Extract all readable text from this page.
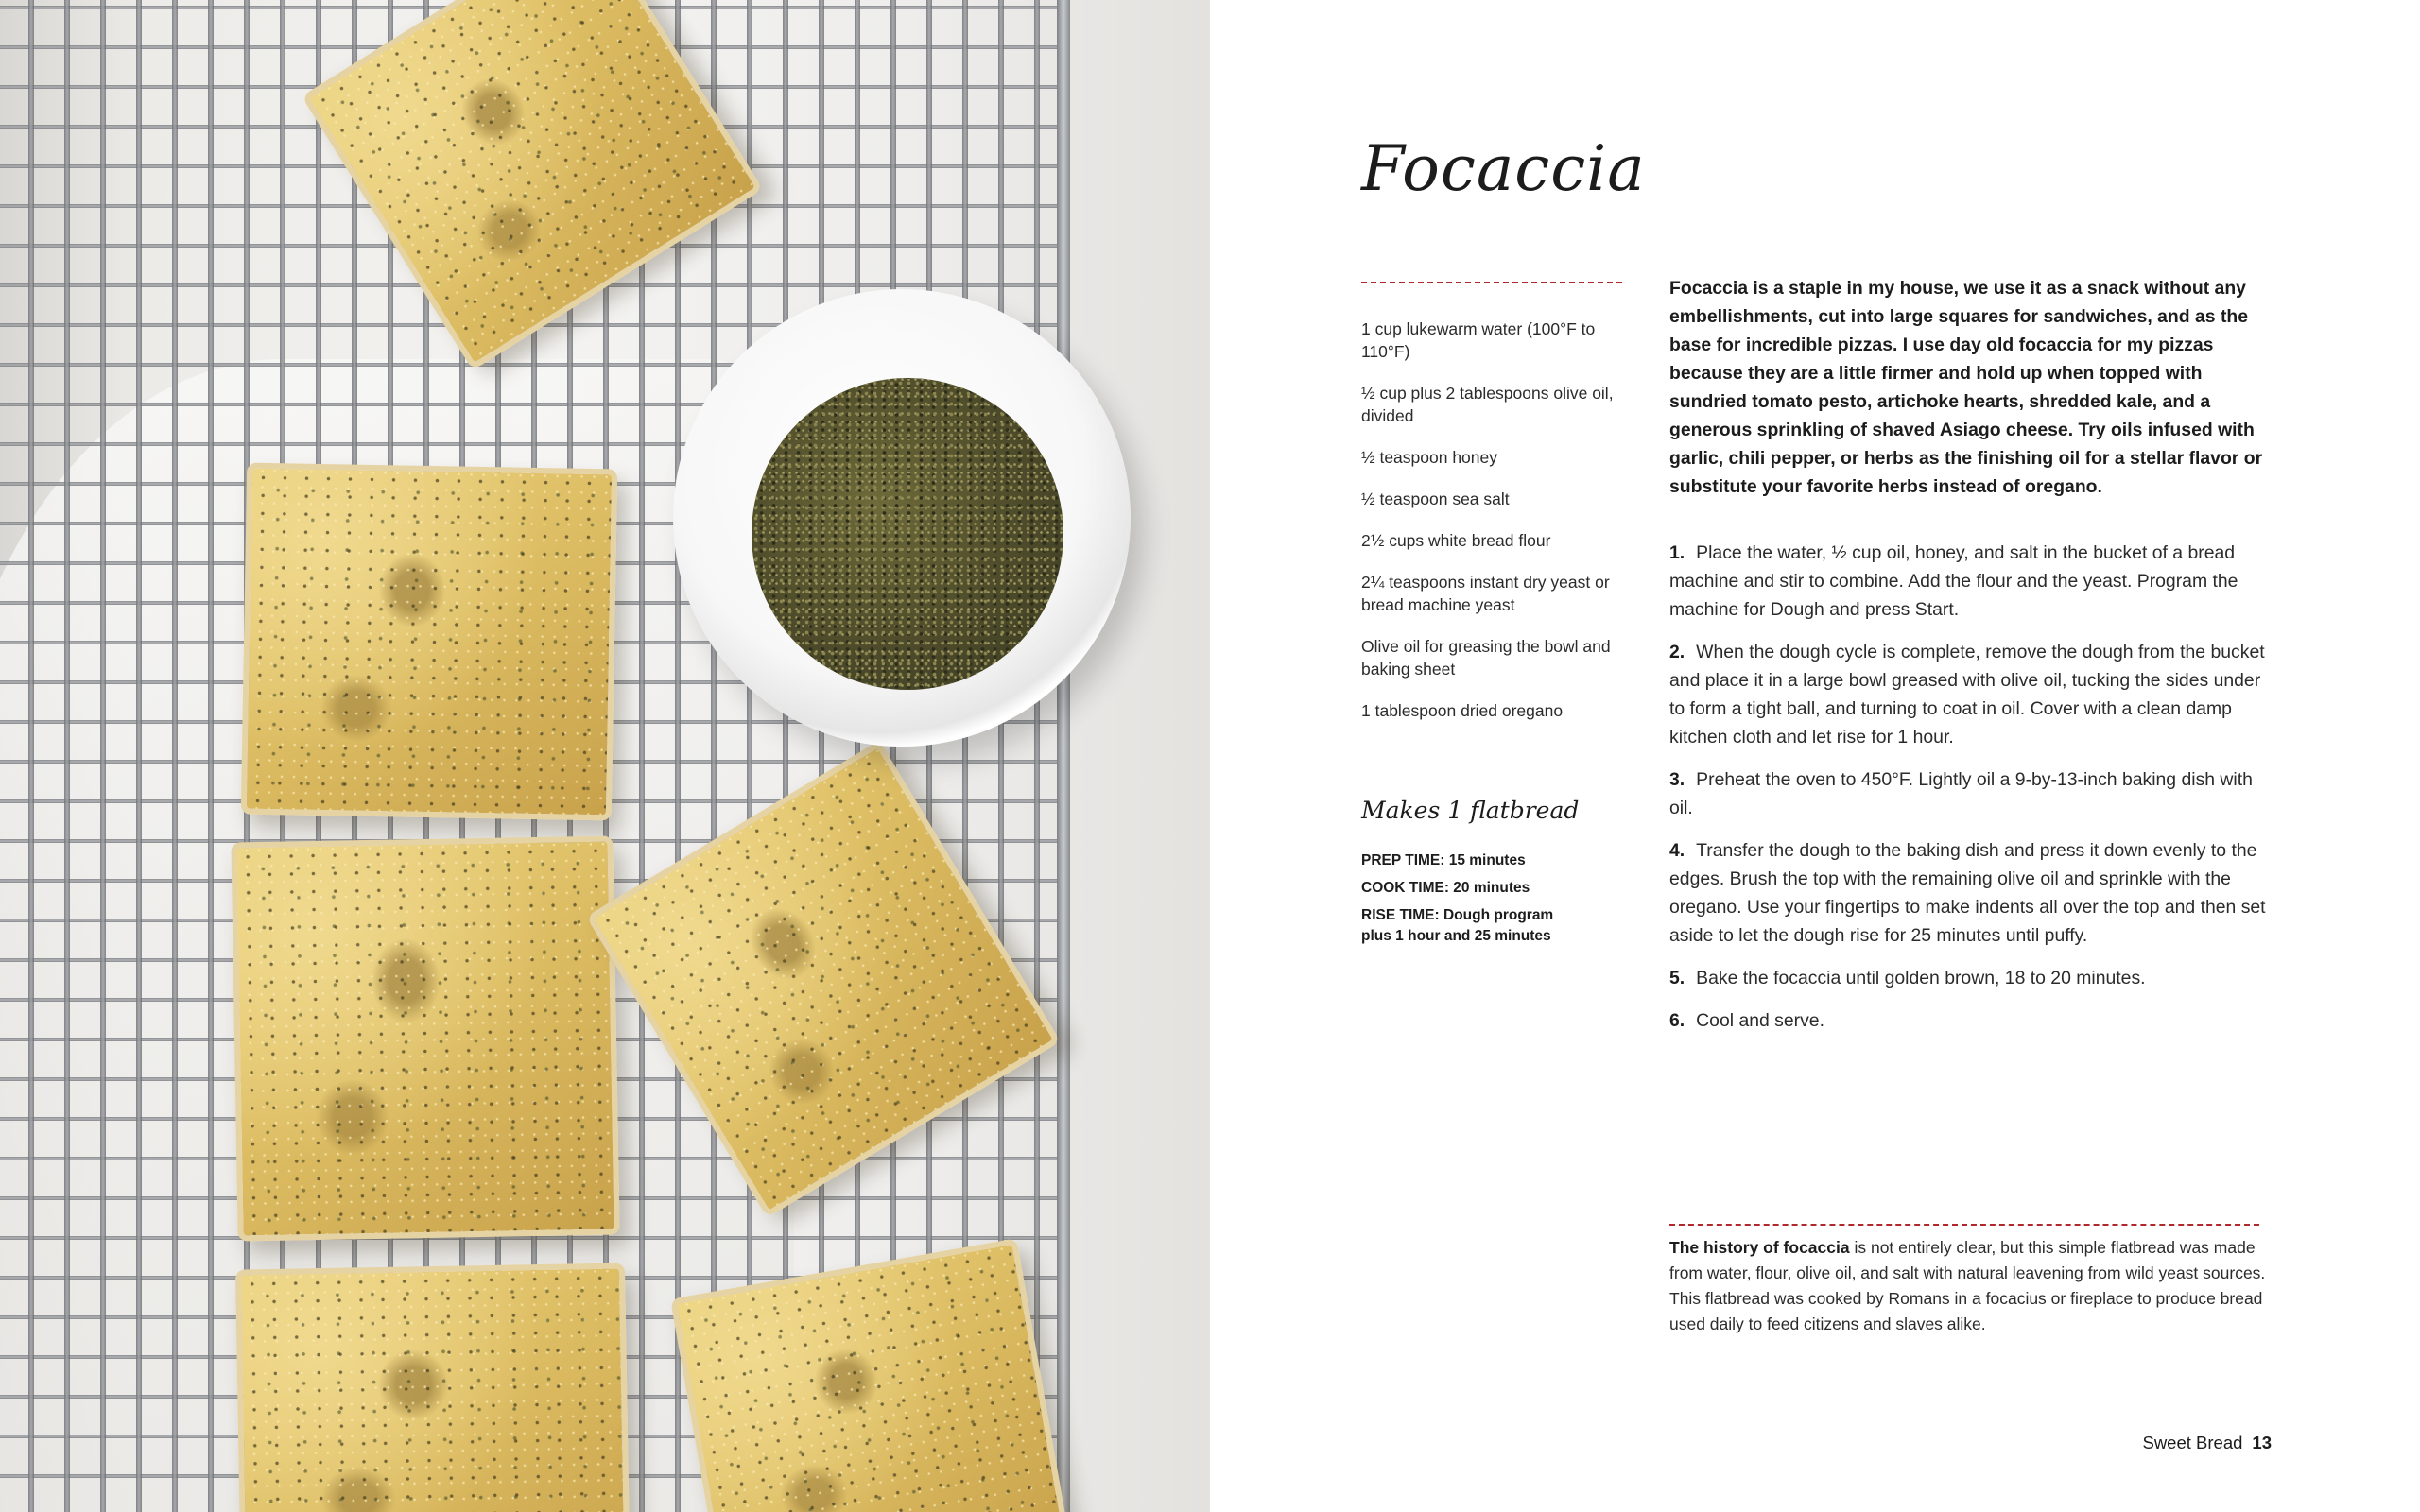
Focaccia
1 cup lukewarm water (100°F to 110°F)
½ cup plus 2 tablespoons olive oil, divided
½ teaspoon honey
½ teaspoon sea salt
2½ cups white bread flour
2¼ teaspoons instant dry yeast or bread machine yeast
Olive oil for greasing the bowl and baking sheet
1 tablespoon dried oregano
Makes 1 flatbread
PREP TIME: 15 minutes
COOK TIME: 20 minutes
RISE TIME: Dough program plus 1 hour and 25 minutes

Focaccia is a staple in my house, we use it as a snack without any embellishments, cut into large squares for sandwiches, and as the base for incredible pizzas. I use day old focaccia for my pizzas because they are a little firmer and hold up when topped with sundried tomato pesto, artichoke hearts, shredded kale, and a generous sprinkling of shaved Asiago cheese. Try oils infused with garlic, chili pepper, or herbs as the finishing oil for a stellar flavor or substitute your favorite herbs instead of oregano.

1. Place the water, ½ cup oil, honey, and salt in the bucket of a bread machine and stir to combine. Add the flour and the yeast. Program the machine for Dough and press Start.
2. When the dough cycle is complete, remove the dough from the bucket and place it in a large bowl greased with olive oil, tucking the sides under to form a tight ball, and turning to coat in oil. Cover with a clean damp kitchen cloth and let rise for 1 hour.
3. Preheat the oven to 450°F. Lightly oil a 9-by-13-inch baking dish with oil.
4. Transfer the dough to the baking dish and press it down evenly to the edges. Brush the top with the remaining olive oil and sprinkle with the oregano. Use your fingertips to make indents all over the top and then set aside to let the dough rise for 25 minutes until puffy.
5. Bake the focaccia until golden brown, 18 to 20 minutes.
6. Cool and serve.

The history of focaccia is not entirely clear, but this simple flatbread was made from water, flour, olive oil, and salt with natural leavening from wild yeast sources. This flatbread was cooked by Romans in a focacius or fireplace to produce bread used daily to feed citizens and slaves alike.

Sweet Bread 13
